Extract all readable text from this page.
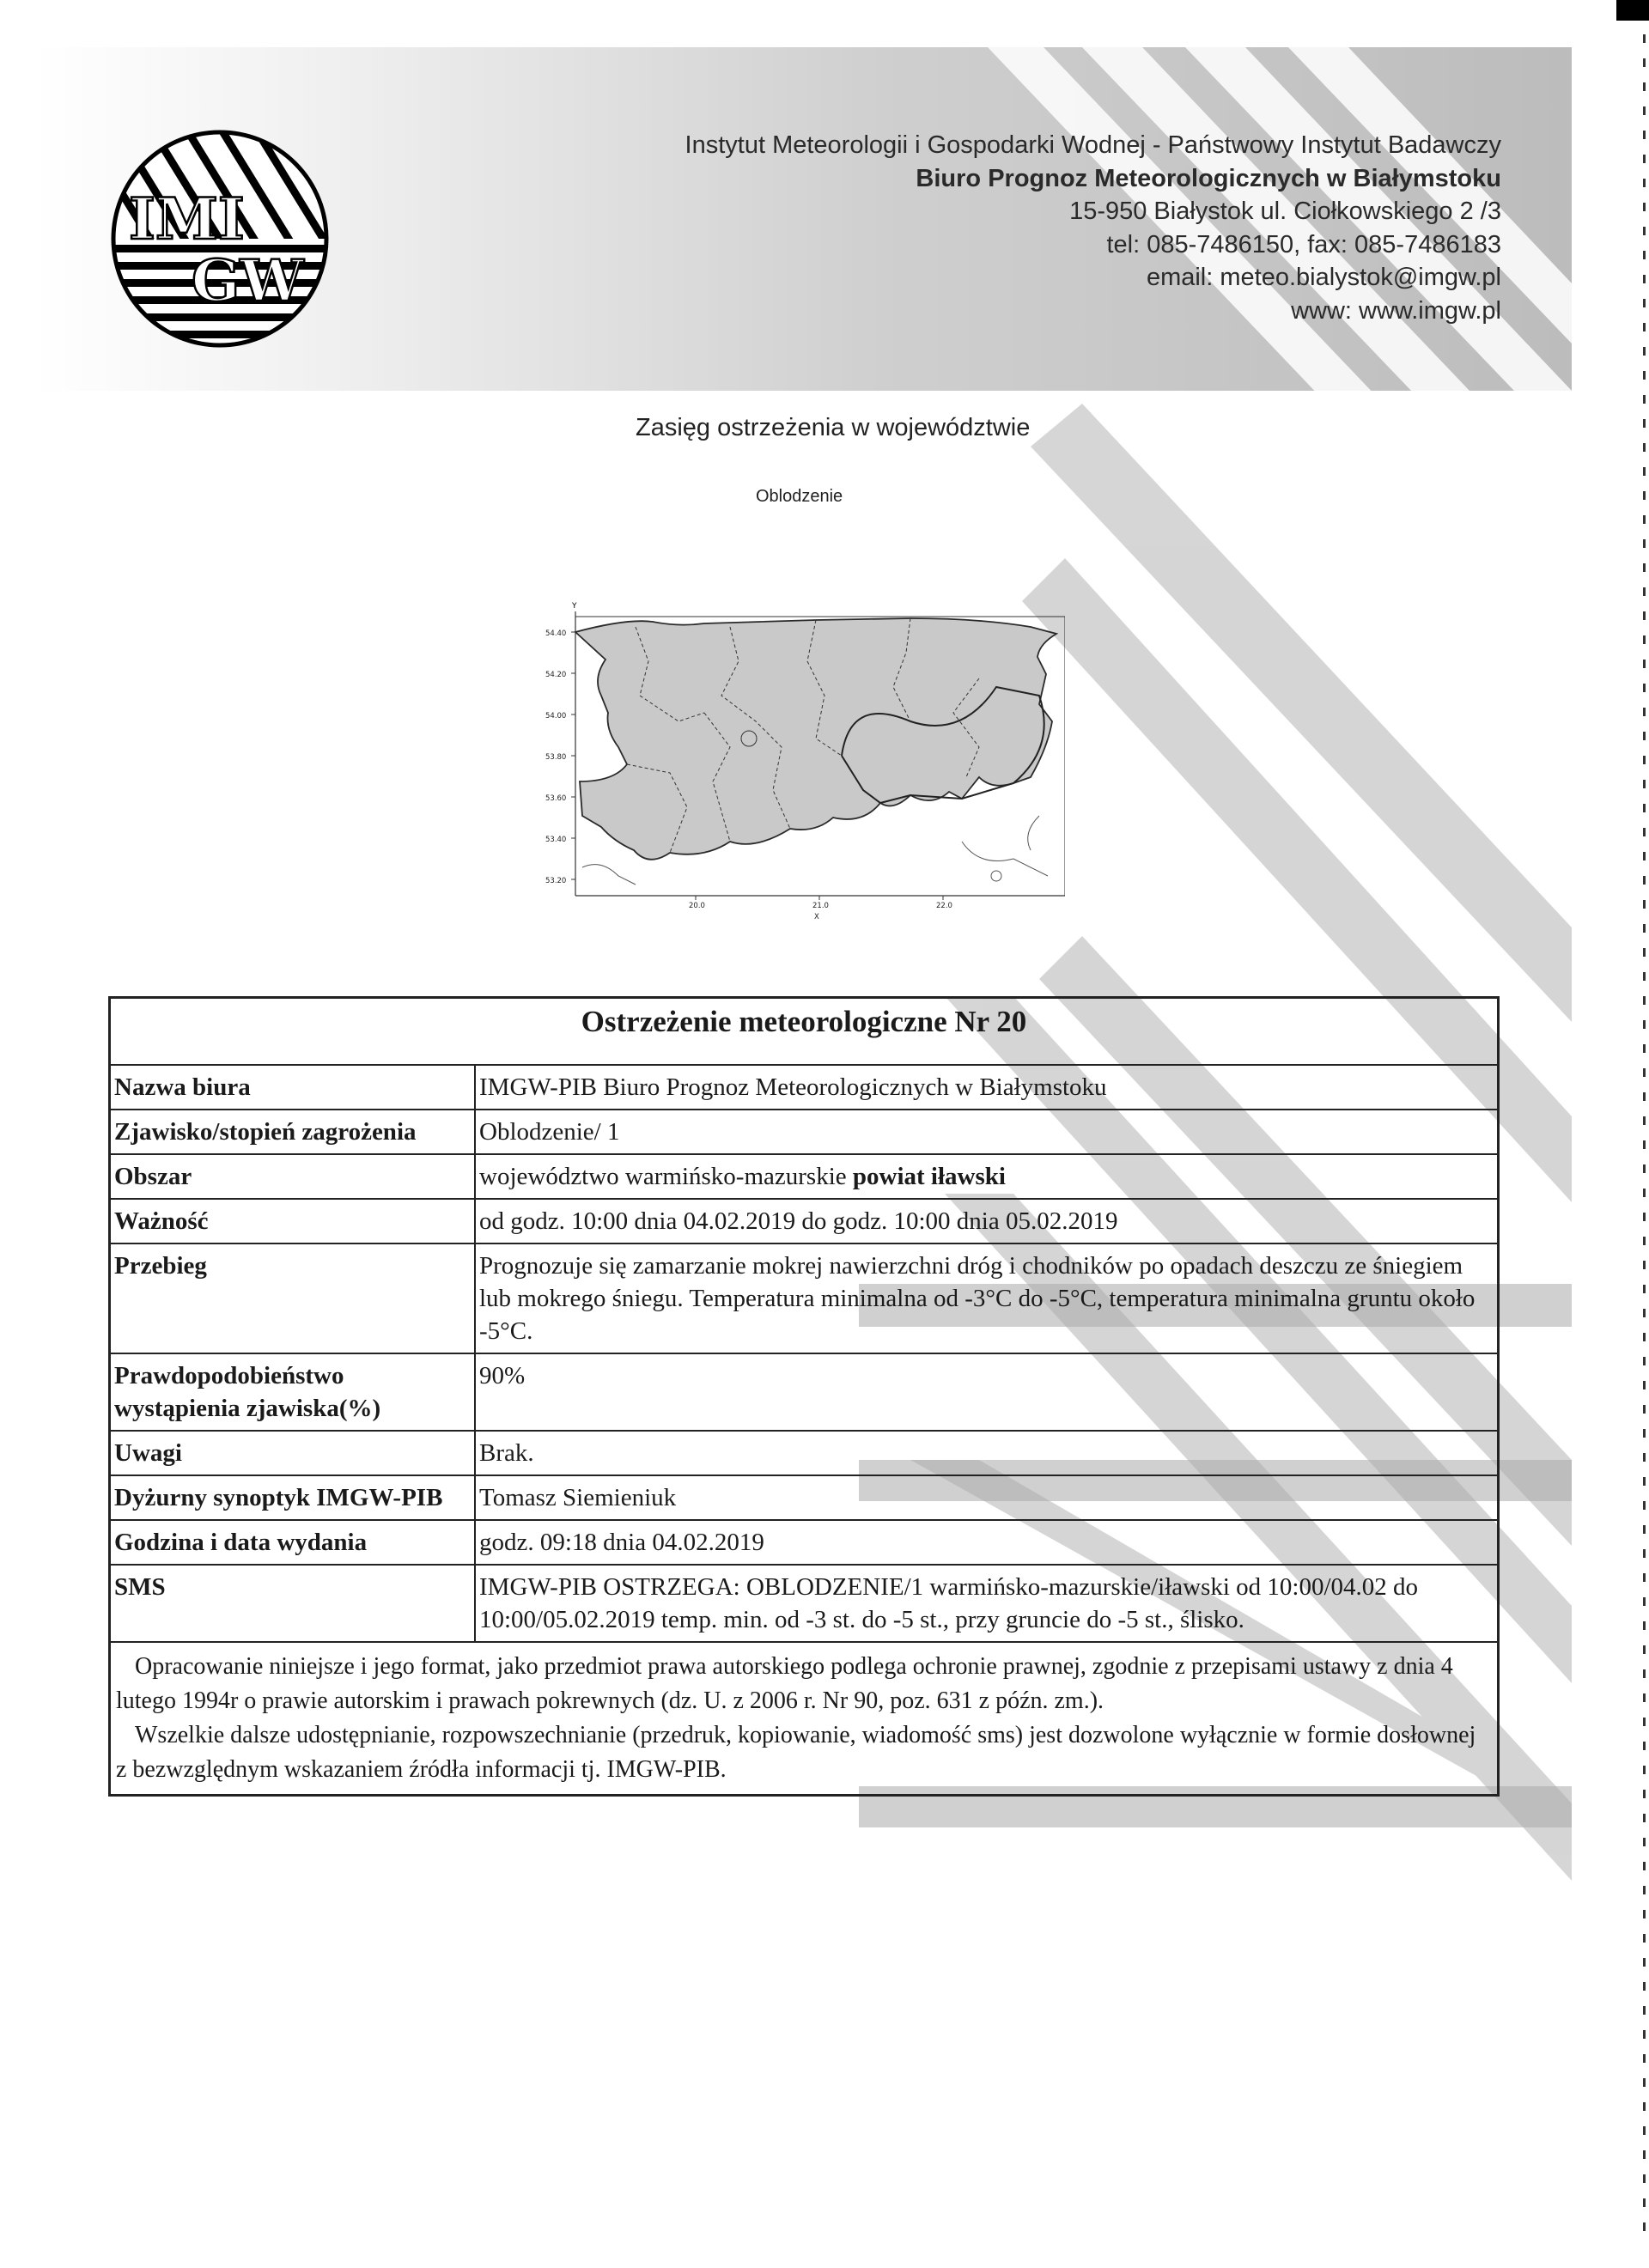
IMI
GW
Instytut Meteorologii i Gospodarki Wodnej - Państwowy Instytut Badawczy
Biuro Prognoz Meteorologicznych w Białymstoku
15-950 Białystok ul. Ciołkowskiego 2 /3
tel: 085-7486150, fax: 085-7486183
email: meteo.bialystok@imgw.pl
www: www.imgw.pl
Zasięg ostrzeżenia w województwie
Oblodzenie
Y
54.40
54.20
54.00
53.80
53.60
53.40
53.20
20.0	21.0	22.0
X
Ostrzeżenie meteorologiczne Nr 20	
Nazwa biura	IMGW-PIB Biuro Prognoz Meteorologicznych w Białymstoku
Zjawisko/stopień zagrożenia	Oblodzenie/ 1
Obszar	województwo warmińsko-mazurskie powiat iławski
Ważność	od godz. 10:00 dnia 04.02.2019 do godz. 10:00 dnia 05.02.2019
Przebieg	Prognozuje się zamarzanie mokrej nawierzchni dróg i chodników po opadach deszczu ze śniegiem lub mokrego śniegu. Temperatura minimalna od -3°C do -5°C, temperatura minimalna gruntu około -5°C.
Prawdopodobieństwo wystąpienia zjawiska(%)	90%
Uwagi	Brak.
Dyżurny synoptyk IMGW-PIB	Tomasz Siemieniuk
Godzina i data wydania	godz. 09:18 dnia 04.02.2019
SMS	IMGW-PIB OSTRZEGA: OBLODZENIE/1 warmińsko-mazurskie/iławski od 10:00/04.02 do 10:00/05.02.2019 temp. min. od -3 st. do -5 st., przy gruncie do -5 st., ślisko.

Opracowanie niniejsze i jego format, jako przedmiot prawa autorskiego podlega ochronie prawnej, zgodnie z przepisami ustawy z dnia 4 lutego 1994r o prawie autorskim i prawach pokrewnych (dz. U. z 2006 r. Nr 90, poz. 631 z późn. zm.).

Wszelkie dalsze udostępnianie, rozpowszechnianie (przedruk, kopiowanie, wiadomość sms) jest dozwolone wyłącznie w formie dosłownej z bezwzględnym wskazaniem źródła informacji tj. IMGW-PIB.	
